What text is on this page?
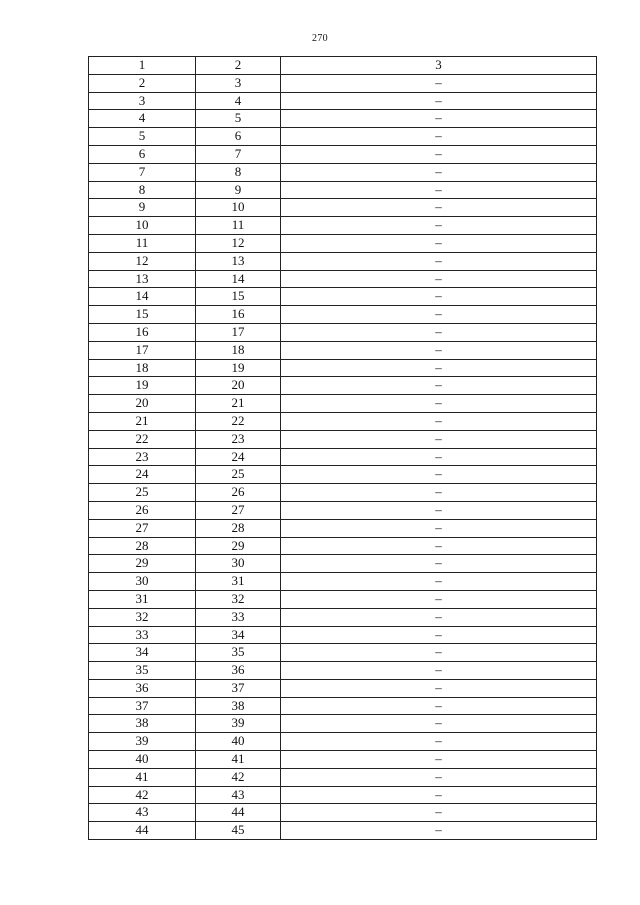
270
1	2	3
2	3	–
3	4	–
4	5	–
5	6	–
6	7	–
7	8	–
8	9	–
9	10	–
10	11	–
11	12	–
12	13	–
13	14	–
14	15	–
15	16	–
16	17	–
17	18	–
18	19	–
19	20	–
20	21	–
21	22	–
22	23	–
23	24	–
24	25	–
25	26	–
26	27	–
27	28	–
28	29	–
29	30	–
30	31	–
31	32	–
32	33	–
33	34	–
34	35	–
35	36	–
36	37	–
37	38	–
38	39	–
39	40	–
40	41	–
41	42	–
42	43	–
43	44	–
44	45	–
